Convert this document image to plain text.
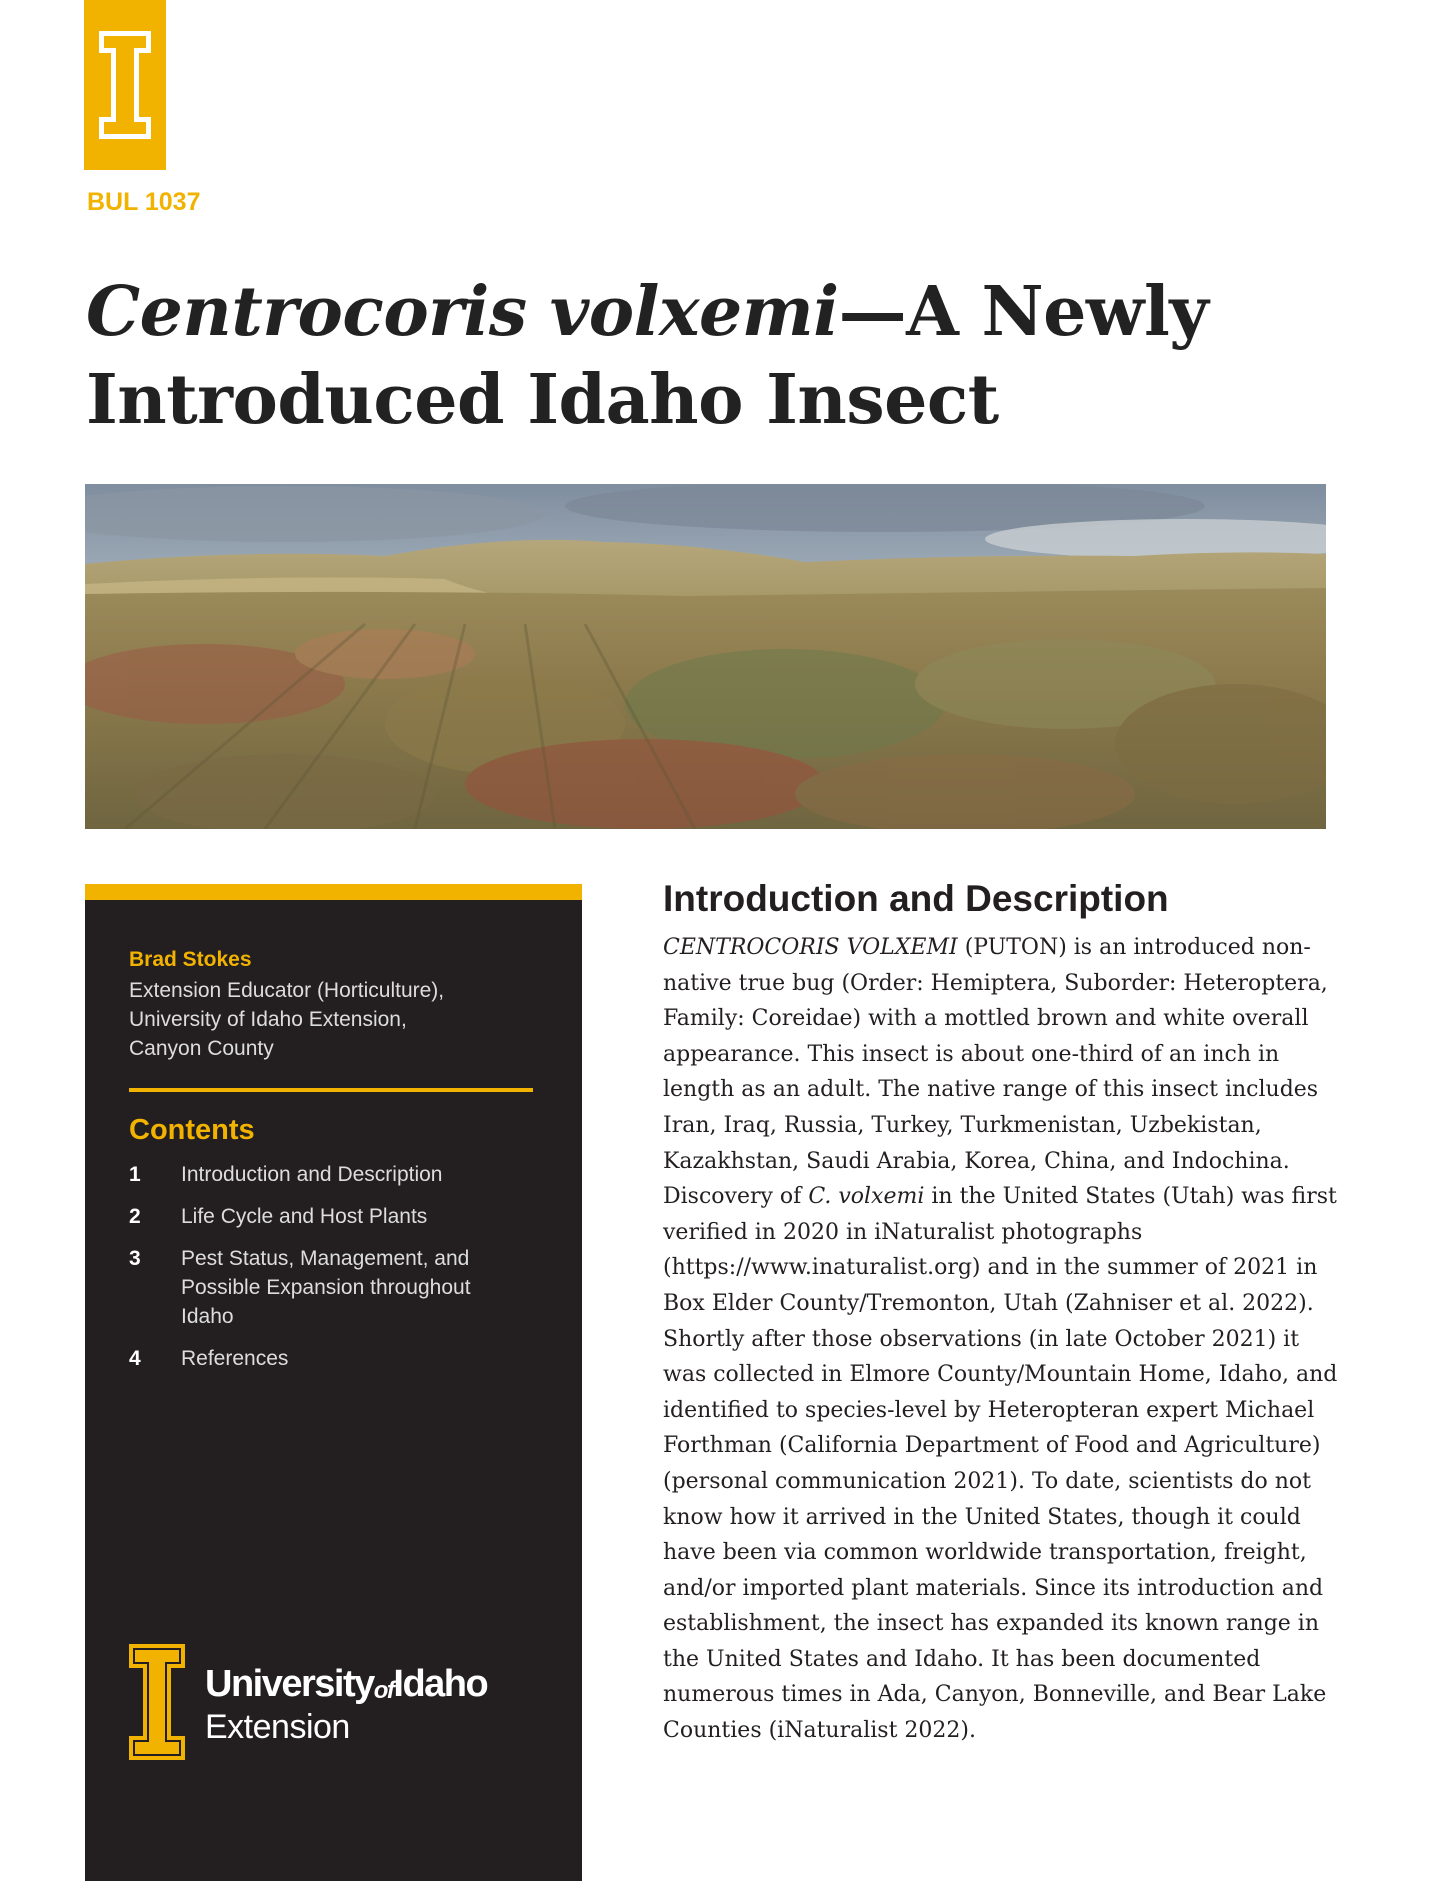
BUL 1037
Centrocoris volxemi—A Newly
Introduced Idaho Insect
Brad Stokes
Extension Educator (Horticulture),
University of Idaho Extension,
Canyon County
Contents
1	Introduction and Description
2	Life Cycle and Host Plants
3	Pest Status, Management, and Possible Expansion throughout Idaho
4	References
UniversityofIdaho
Extension
Introduction and Description

CENTROCORIS VOLXEMI (PUTON) is an introduced non-native true bug (Order: Hemiptera, Suborder: Heteroptera, Family: Coreidae) with a mottled brown and white overall appearance. This insect is about one-third of an inch in length as an adult. The native range of this insect includes Iran, Iraq, Russia, Turkey, Turkmenistan, Uzbekistan, Kazakhstan, Saudi Arabia, Korea, China, and Indochina. Discovery of C. volxemi in the United States (Utah) was first verified in 2020 in iNaturalist photographs (https://www.inaturalist.org) and in the summer of 2021 in Box Elder County/Tremonton, Utah (Zahniser et al. 2022). Shortly after those observations (in late October 2021) it was collected in Elmore County/Mountain Home, Idaho, and identified to species-level by Heteropteran expert Michael Forthman (California Department of Food and Agriculture) (personal communication 2021). To date, scientists do not know how it arrived in the United States, though it could have been via common worldwide transportation, freight, and/or imported plant materials. Since its introduction and establishment, the insect has expanded its known range in the United States and Idaho. It has been documented numerous times in Ada, Canyon, Bonneville, and Bear Lake Counties (iNaturalist 2022).
